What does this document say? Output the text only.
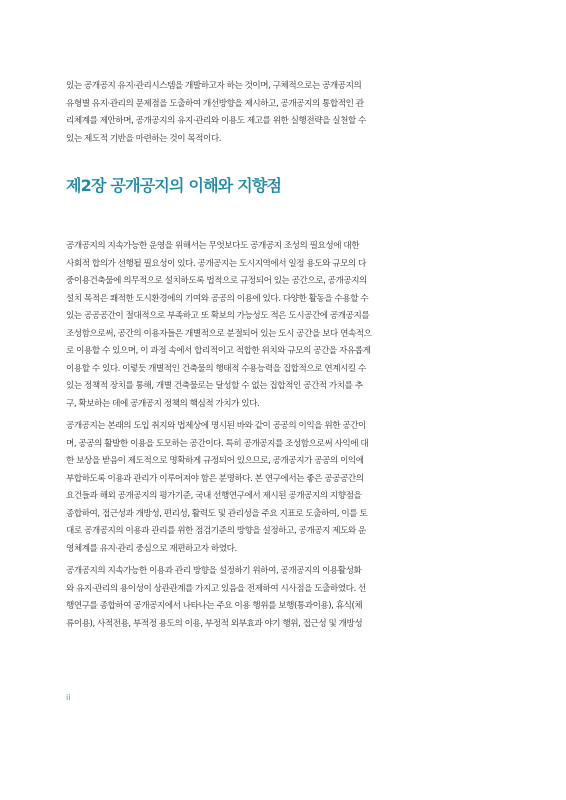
있는 공개공지 유지·관리시스템을 개발하고자 하는 것이며, 구체적으로는 공개공지의
유형별 유지·관리의 문제점을 도출하여 개선방향을 제시하고, 공개공지의 통합적인 관
리체계를 제안하며, 공개공지의 유지·관리와 이용도 제고를 위한 실행전략을 실천할 수
있는 제도적 기반을 마련하는 것이 목적이다.
제2장 공개공지의 이해와 지향점
공개공지의 지속가능한 운영을 위해서는 무엇보다도 공개공지 조성의 필요성에 대한
사회적 합의가 선행될 필요성이 있다. 공개공지는 도시지역에서 일정 용도와 규모의 다
중이용건축물에 의무적으로 설치하도록 법적으로 규정되어 있는 공간으로, 공개공지의
설치 목적은 쾌적한 도시환경에의 기여와 공공의 이용에 있다. 다양한 활동을 수용할 수
있는 공공공간이 절대적으로 부족하고 또 확보의 가능성도 적은 도시공간에 공개공지를
조성함으로써, 공간의 이용자들은 개별적으로 분절되어 있는 도시 공간을 보다 연속적으
로 이용할 수 있으며, 이 과정 속에서 합리적이고 적합한 위치와 규모의 공간을 자유롭게
이용할 수 있다. 이렇듯 개별적인 건축물의 행태적 수용능력을 집합적으로 연계시킬 수
있는 정책적 장치를 통해, 개별 건축물로는 달성할 수 없는 집합적인 공간적 가치를 추
구, 확보하는 데에 공개공지 정책의 핵심적 가치가 있다.
공개공지는 본래의 도입 취지와 법제상에 명시된 바와 같이 공공의 이익을 위한 공간이
며, 공공의 활발한 이용을 도모하는 공간이다. 특히 공개공지를 조성함으로써 사익에 대
한 보상을 받음이 제도적으로 명확하게 규정되어 있으므로, 공개공지가 공공의 이익에
부합하도록 이용과 관리가 이루어져야 함은 분명하다. 본 연구에서는 좋은 공공공간의
요건들과 해외 공개공지의 평가기준, 국내 선행연구에서 제시된 공개공지의 지향점을
종합하여, 접근성과 개방성, 편리성, 활력도 및 관리성을 주요 지표로 도출하여, 이를 토
대로 공개공지의 이용과 관리를 위한 점검기준의 방향을 설정하고, 공개공지 제도와 운
영체계를 유지·관리 중심으로 재편하고자 하였다.
공개공지의 지속가능한 이용과 관리 방향을 설정하기 위하여, 공개공지의 이용활성화
와 유지·관리의 용이성이 상관관계를 가지고 있음을 전제하여 시사점을 도출하였다. 선
행연구를 종합하여 공개공지에서 나타나는 주요 이용 행위를 보행(통과이용), 휴식(체
류이용), 사적전용, 부적정 용도의 이용, 부정적 외부효과 야기 행위, 접근성 및 개방성
ii
